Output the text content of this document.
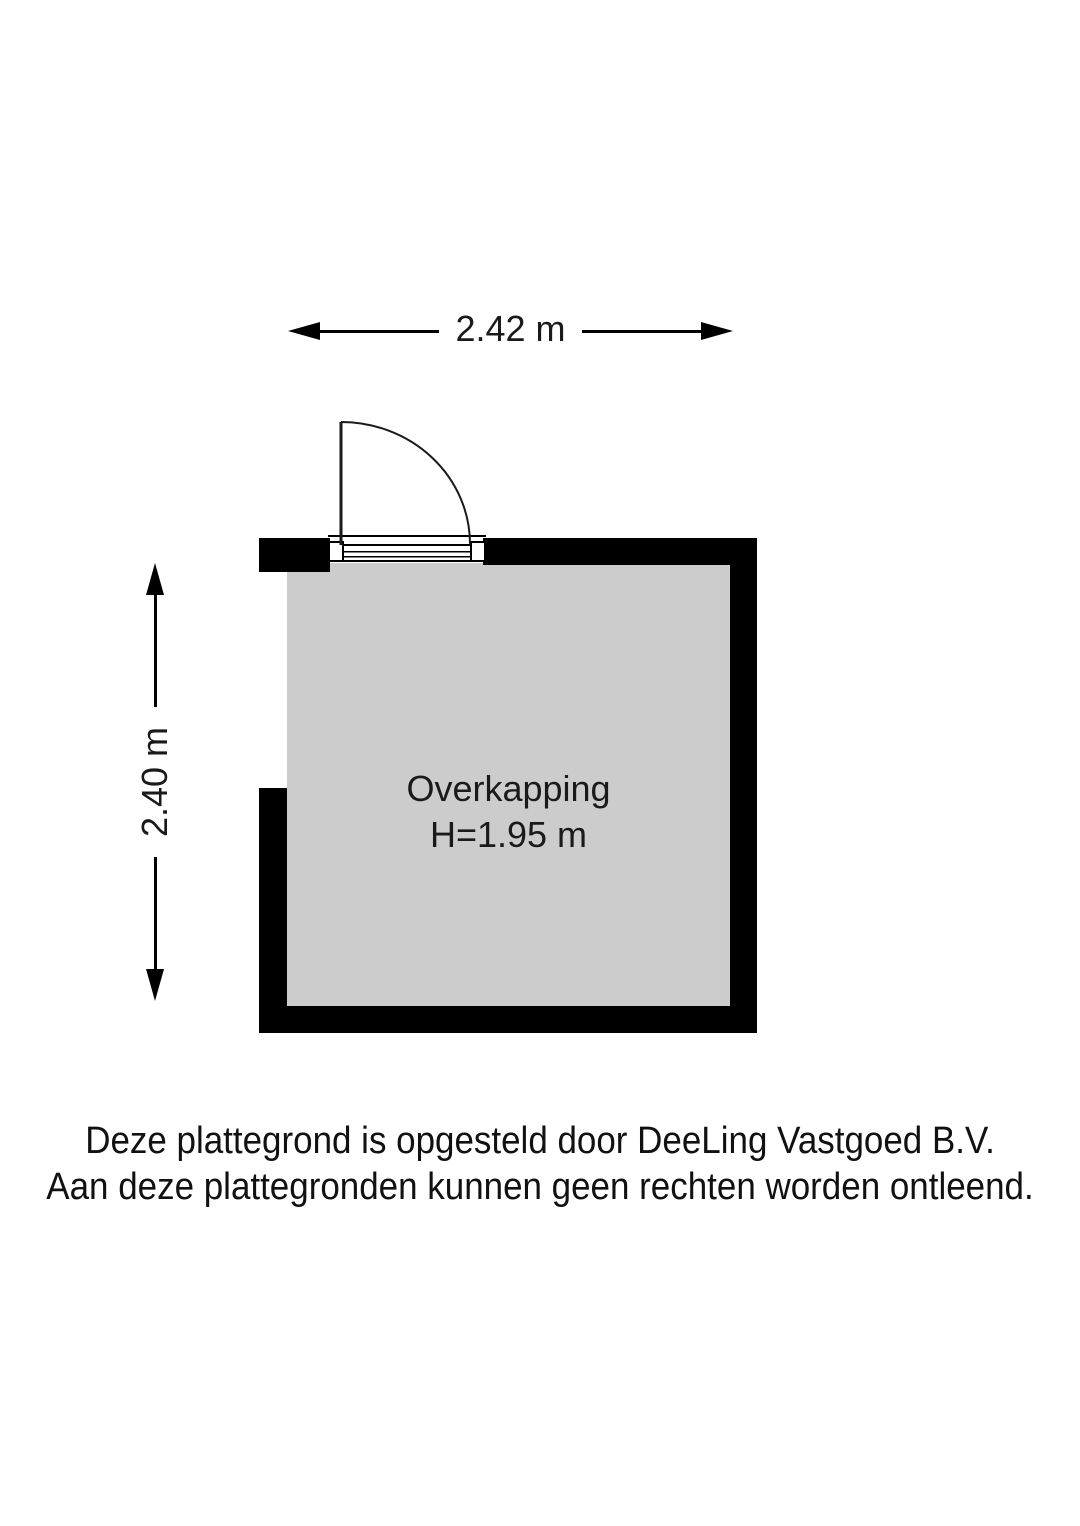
2.42 m
2.40 m	Overkapping
H=1.95 m
Deze plattegrond is opgesteld door DeeLing Vastgoed B.V.
Aan deze plattegronden kunnen geen rechten worden ontleend.
